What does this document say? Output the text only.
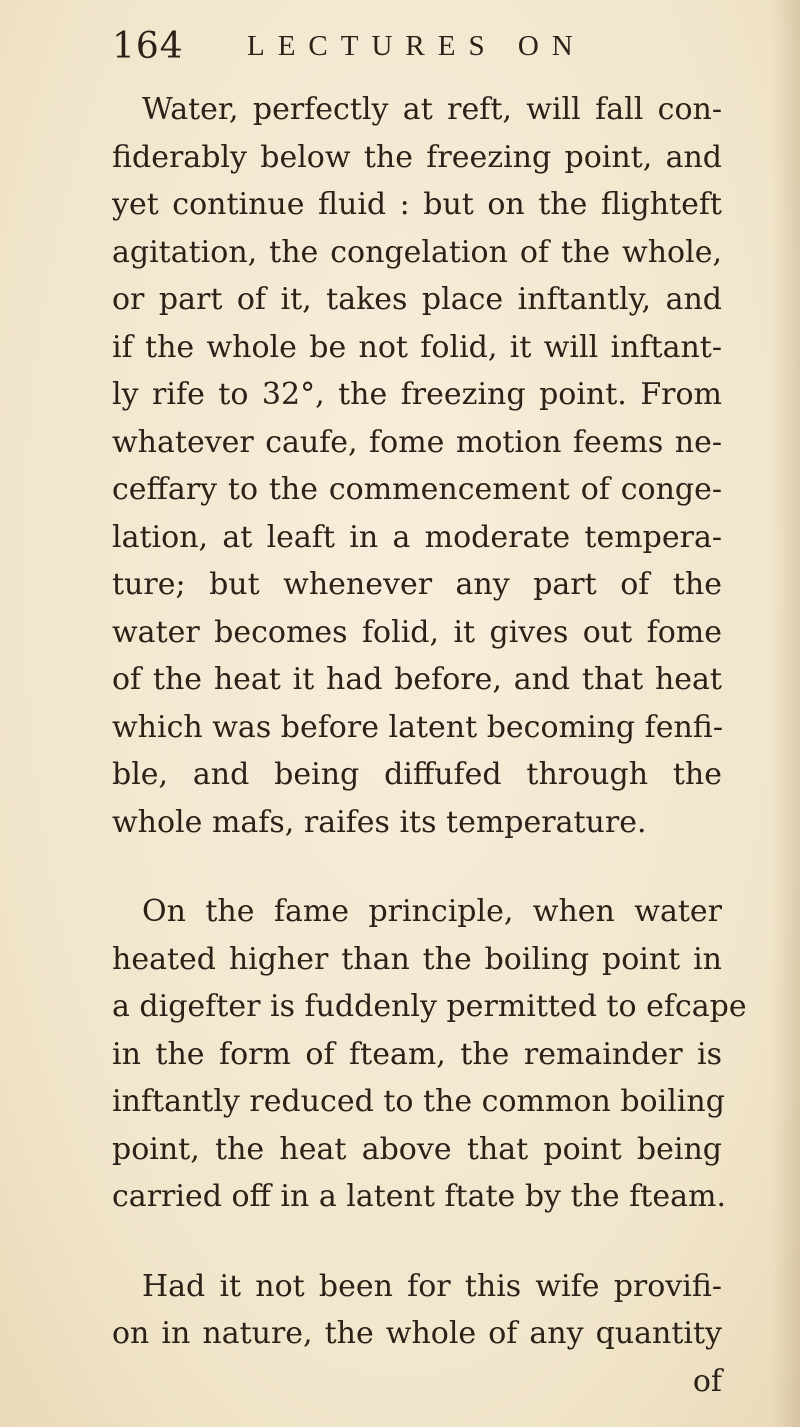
164 LECTURES ON
Water, perfectly at reft, will fall con-
fiderably below the freezing point, and
yet continue fluid : but on the flighteft
agitation, the congelation of the whole,
or part of it, takes place inftantly, and
if the whole be not folid, it will inftant-
ly rife to 32°, the freezing point. From
whatever caufe, fome motion feems ne-
ceffary to the commencement of conge-
lation, at leaft in a moderate tempera-
ture; but whenever any part of the
water becomes folid, it gives out fome
of the heat it had before, and that heat
which was before latent becoming fenfi-
ble, and being diffufed through the
whole mafs, raifes its temperature.
On the fame principle, when water
heated higher than the boiling point in
a digefter is fuddenly permitted to efcape
in the form of fteam, the remainder is
inftantly reduced to the common boiling
point, the heat above that point being
carried off in a latent ftate by the fteam.
Had it not been for this wife provifi-
on in nature, the whole of any quantity
of
